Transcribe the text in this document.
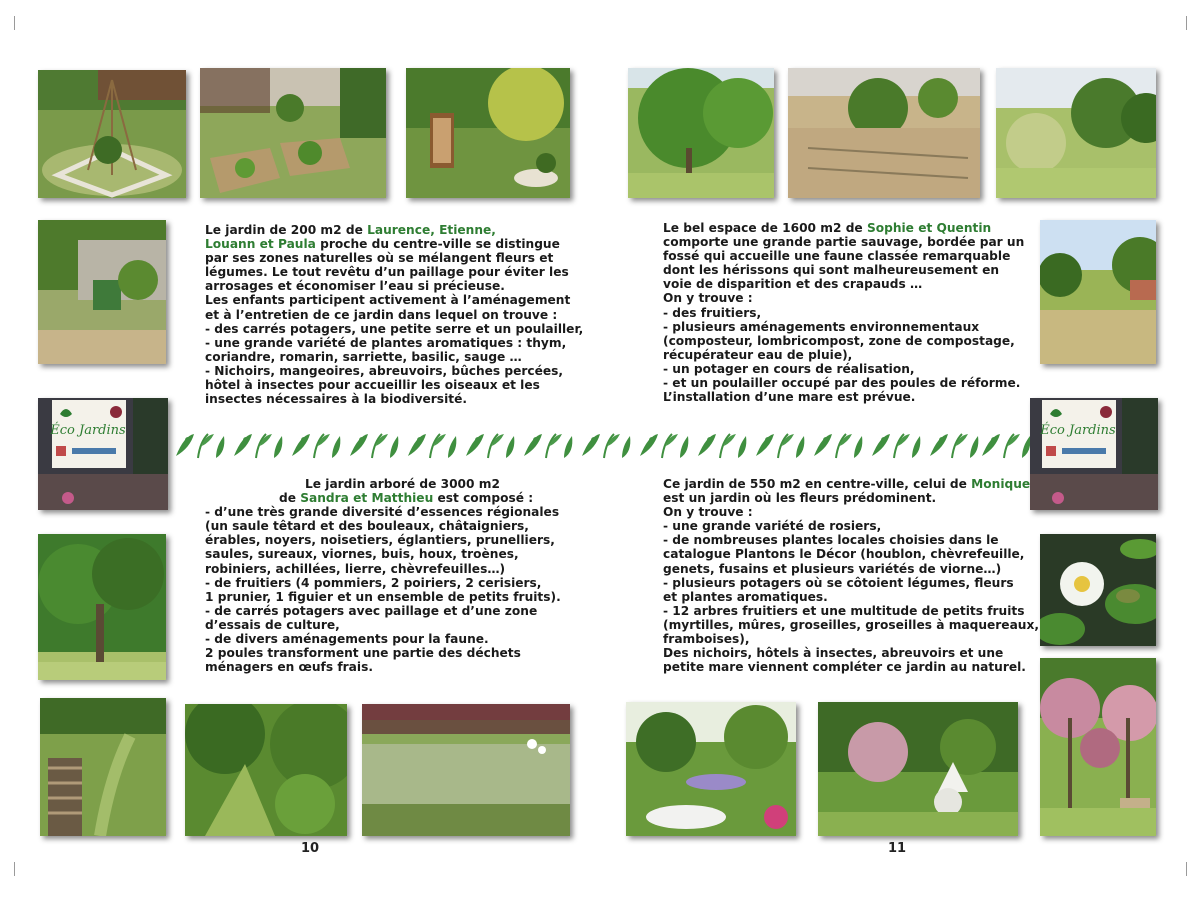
Éco Jardins	Éco Jardins
Le jardin de 200 m2 de Laurence, Etienne,
Louann et Paula proche du centre-ville se distingue
par ses zones naturelles où se mélangent fleurs et
légumes. Le tout revêtu d’un paillage pour éviter les
arrosages et économiser l’eau si précieuse.
Les enfants participent activement à l’aménagement
et à l’entretien de ce jardin dans lequel on trouve :
- des carrés potagers, une petite serre et un poulailler,
- une grande variété de plantes aromatiques : thym,
coriandre, romarin, sarriette, basilic, sauge …
- Nichoirs, mangeoires, abreuvoirs, bûches percées,
hôtel à insectes pour accueillir les oiseaux et les
insectes nécessaires à la biodiversité.
Le jardin arboré de 3000 m2
de Sandra et Matthieu est composé :
- d’une très grande diversité d’essences régionales
(un saule têtard et des bouleaux, châtaigniers,
érables, noyers, noisetiers, églantiers, prunelliers,
saules, sureaux, viornes, buis, houx, troènes,
robiniers, achillées, lierre, chèvrefeuilles…)
- de fruitiers (4 pommiers, 2 poiriers, 2 cerisiers,
1 prunier, 1 figuier et un ensemble de petits fruits).
- de carrés potagers avec paillage et d’une zone
d’essais de culture,
- de divers aménagements pour la faune.
2 poules transforment une partie des déchets
ménagers en œufs frais.
Le bel espace de 1600 m2 de Sophie et Quentin
comporte une grande partie sauvage, bordée par un
fossé qui accueille une faune classée remarquable
dont les hérissons qui sont malheureusement en
voie de disparition et des crapauds …
On y trouve :
- des fruitiers,
- plusieurs aménagements environnementaux
(composteur, lombricompost, zone de compostage,
récupérateur eau de pluie),
- un potager en cours de réalisation,
- et un poulailler occupé par des poules de réforme.
L’installation d’une mare est prévue.
Ce jardin de 550 m2 en centre-ville, celui de Monique
est un jardin où les fleurs prédominent.
On y trouve :
- une grande variété de rosiers,
- de nombreuses plantes locales choisies dans le
catalogue Plantons le Décor (houblon, chèvrefeuille,
genets, fusains et plusieurs variétés de viorne…)
- plusieurs potagers où se côtoient légumes, fleurs
et plantes aromatiques.
- 12 arbres fruitiers et une multitude de petits fruits
(myrtilles, mûres, groseilles, groseilles à maquereaux,
framboises),
Des nichoirs, hôtels à insectes, abreuvoirs et une
petite mare viennent compléter ce jardin au naturel.
10	11
